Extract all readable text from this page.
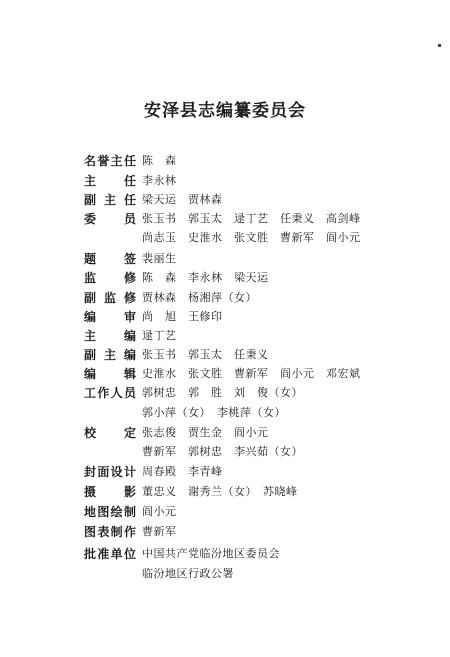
安泽县志编纂委员会
名 誉 主 任 陈　森
主 任 李永林
副 主 任 梁天运　贾林森
委 员 张玉书　郭玉太　逯丁艺　任秉义　高剑峰
尚志玉　史淮水　张文胜　曹新军　阎小元
题 签 裴丽生
监 修 陈　森　李永林　梁天运
副 监 修 贾林森　杨湘萍（女）
编 审 尚　旭　王修印
主 编 逯丁艺
副 主 编 张玉书　郭玉太　任秉义
编 辑 史淮水　张文胜　曹新军　阎小元　邓宏斌
工 作 人 员 郭树忠　郭　胜　刘　俊（女）
郭小萍（女）　李桃萍（女）
校 定 张志俊　贾生金　阎小元
曹新军　郭树忠　李兴茹（女）
封 面 设 计 周春殿　李青峰
摄 影 董忠义　谢秀兰（女）　苏晓峰
地 图 绘 制 阎小元
图 表 制 作 曹新军
批 准 单 位 中国共产党临汾地区委员会
临汾地区行政公署
